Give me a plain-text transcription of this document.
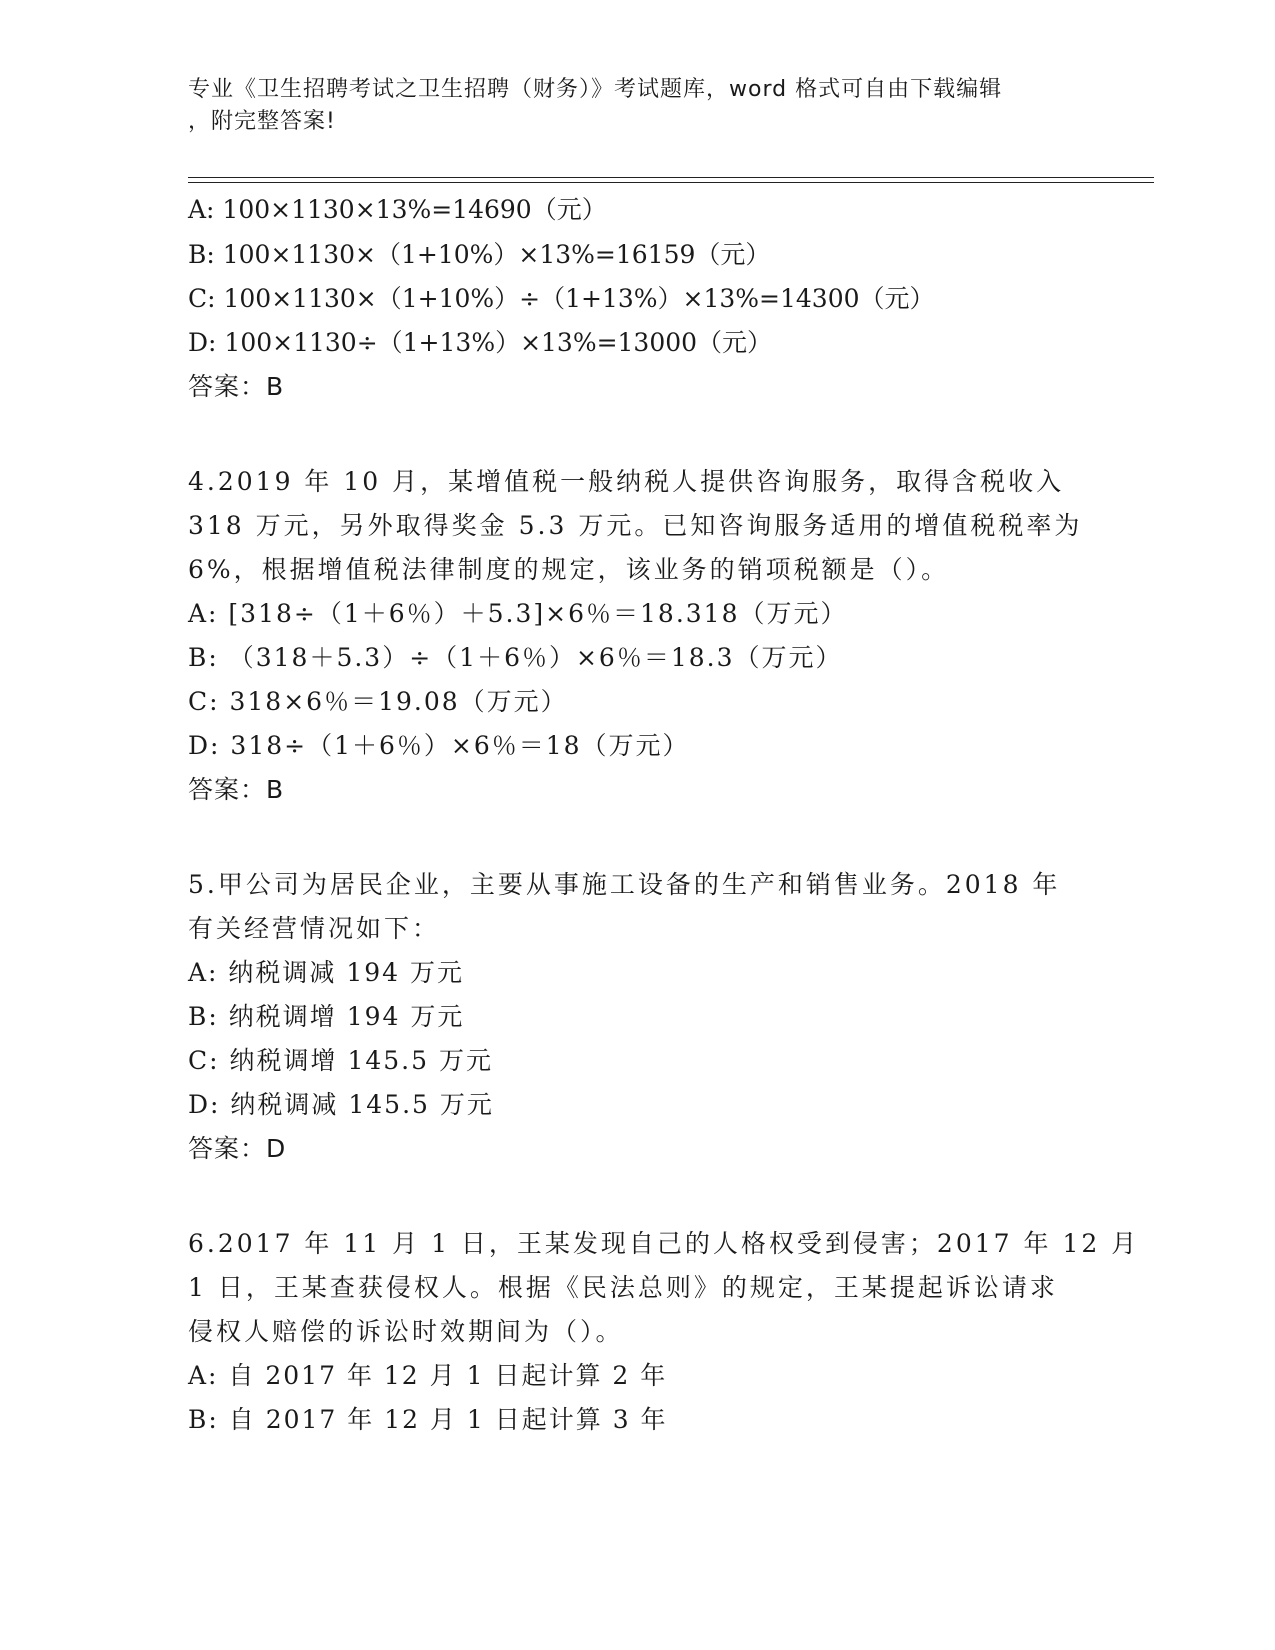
专业《卫生招聘考试之卫生招聘（财务）》考试题库，word 格式可自由下载编辑
，附完整答案!
A: 100×1130×13%=14690（元）
B: 100×1130×（1+10%）×13%=16159（元）
C: 100×1130×（1+10%）÷（1+13%）×13%=14300（元）
D: 100×1130÷（1+13%）×13%=13000（元）
答案：B
4.2019 年 10 月，某增值税一般纳税人提供咨询服务，取得含税收入
318 万元，另外取得奖金 5.3 万元。已知咨询服务适用的增值税税率为
6%，根据增值税法律制度的规定，该业务的销项税额是（）。
A: [318÷（1＋6％）＋5.3]×6％＝18.318（万元）
B: （318＋5.3）÷（1＋6％）×6％＝18.3（万元）
C: 318×6％＝19.08（万元）
D: 318÷（1＋6％）×6％＝18（万元）
答案：B
5.甲公司为居民企业，主要从事施工设备的生产和销售业务。2018 年
有关经营情况如下：
A: 纳税调减 194 万元
B: 纳税调增 194 万元
C: 纳税调增 145.5 万元
D: 纳税调减 145.5 万元
答案：D
6.2017 年 11 月 1 日，王某发现自己的人格权受到侵害；2017 年 12 月
1 日，王某查获侵权人。根据《民法总则》的规定，王某提起诉讼请求
侵权人赔偿的诉讼时效期间为（）。
A: 自 2017 年 12 月 1 日起计算 2 年
B: 自 2017 年 12 月 1 日起计算 3 年
